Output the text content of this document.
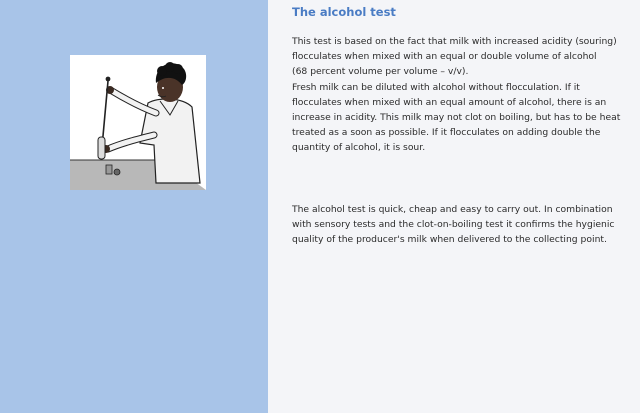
The alcohol test

This test is based on the fact that milk with increased acidity (souring)
flocculates when mixed with an equal or double volume of alcohol
(68 percent volume per volume – v/v).
Fresh milk can be diluted with alcohol without flocculation. If it
flocculates when mixed with an equal amount of alcohol, there is an
increase in acidity. This milk may not clot on boiling, but has to be heat
treated as a soon as possible. If it flocculates on adding double the
quantity of alcohol, it is sour.

The alcohol test is quick, cheap and easy to carry out. In combination
with sensory tests and the clot-on-boiling test it confirms the hygienic
quality of the producer's milk when delivered to the collecting point.
